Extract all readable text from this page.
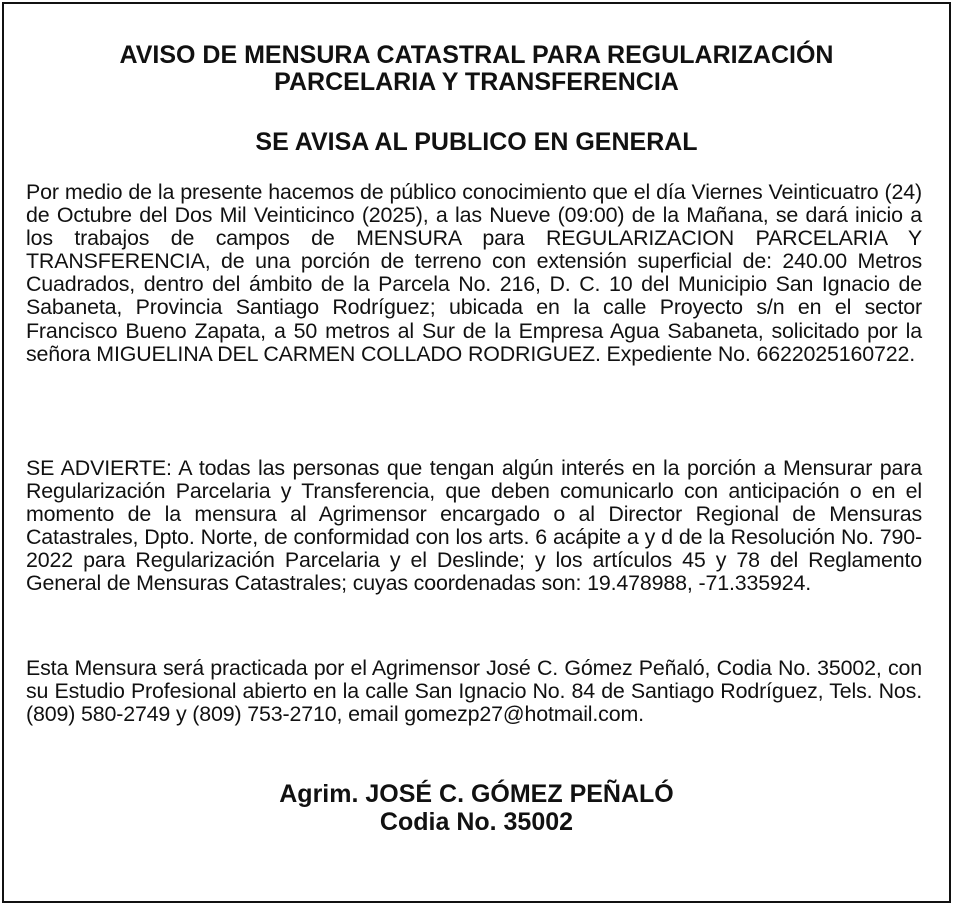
AVISO DE MENSURA CATASTRAL PARA REGULARIZACIÓN
PARCELARIA Y TRANSFERENCIA
SE AVISA AL PUBLICO EN GENERAL

Por medio de la presente hacemos de público conocimiento que el día Viernes Veinticuatro (24) de Octubre del Dos Mil Veinticinco (2025), a las Nueve (09:00) de la Mañana, se dará inicio a los trabajos de campos de MENSURA para REGULARIZACION PARCELARIA Y TRANSFERENCIA, de una porción de terreno con extensión superficial de: 240.00 Metros Cuadrados, dentro del ámbito de la Parcela No. 216, D. C. 10 del Municipio San Ignacio de Sabaneta, Provincia Santiago Rodríguez; ubicada en la calle Proyecto s/n en el sector Francisco Bueno Zapata, a 50 metros al Sur de la Empresa Agua Sabaneta, solicitado por la señora MIGUELINA DEL CARMEN COLLADO RODRIGUEZ. Expediente No. 6622025160722.

SE ADVIERTE: A todas las personas que tengan algún interés en la porción a Mensurar para Regularización Parcelaria y Transferencia, que deben comunicarlo con anticipación o en el momento de la mensura al Agrimensor encargado o al Director Regional de Mensuras Catastrales, Dpto. Norte, de conformidad con los arts. 6 acápite a y d de la Resolución No. 790-2022 para Regularización Parcelaria y el Deslinde; y los artículos 45 y 78 del Reglamento General de Mensuras Catastrales; cuyas coordenadas son: 19.478988, -71.335924.

Esta Mensura será practicada por el Agrimensor José C. Gómez Peñaló, Codia No. 35002, con su Estudio Profesional abierto en la calle San Ignacio No. 84 de Santiago Rodríguez, Tels. Nos. (809) 580-2749 y (809) 753-2710, email gomezp27@hotmail.com.

Agrim. JOSÉ C. GÓMEZ PEÑALÓ
Codia No. 35002
